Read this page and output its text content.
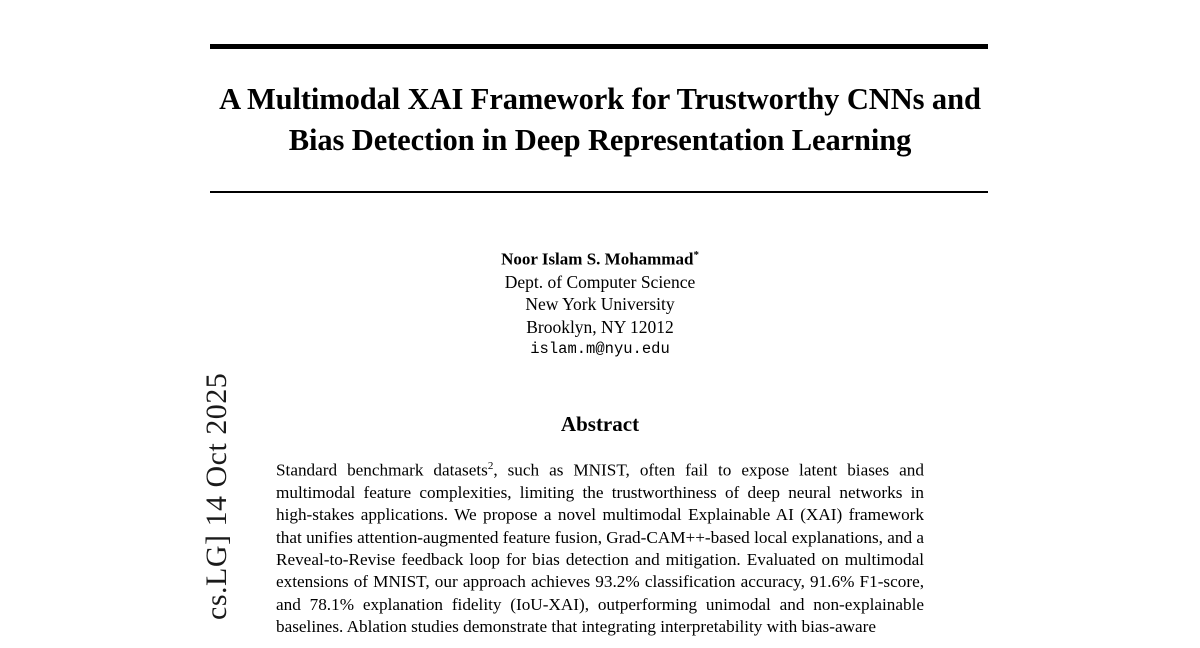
cs.LG] 14 Oct 2025
A Multimodal XAI Framework for Trustworthy CNNs and Bias Detection in Deep Representation Learning
Noor Islam S. Mohammad*
Dept. of Computer Science
New York University
Brooklyn, NY 12012
islam.m@nyu.edu
Abstract
Standard benchmark datasets$^2$, such as MNIST, often fail to expose latent biases and multimodal feature complexities, limiting the trustworthiness of deep neural networks in high-stakes applications. We propose a novel multimodal Explainable AI (XAI) framework that unifies attention-augmented feature fusion, Grad-CAM++-based local explanations, and a Reveal-to-Revise feedback loop for bias detection and mitigation. Evaluated on multimodal extensions of MNIST, our approach achieves 93.2% classification accuracy, 91.6% F1-score, and 78.1% explanation fidelity (IoU-XAI), outperforming unimodal and non-explainable baselines. Ablation studies demonstrate that integrating interpretability with bias-aware
